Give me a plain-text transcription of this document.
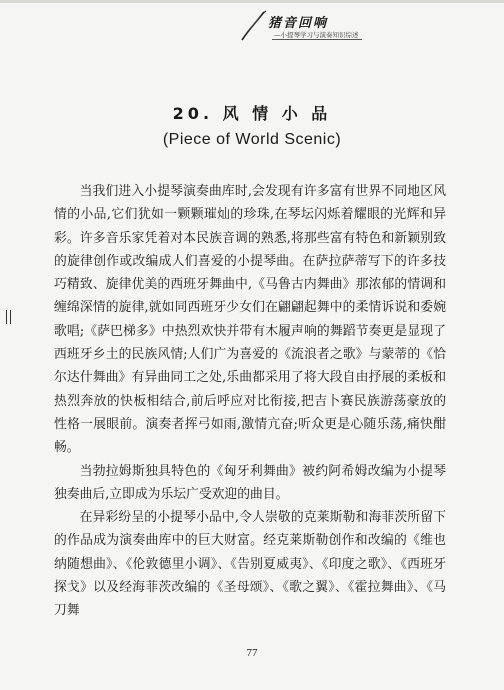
猪音回响
—小提琴学习与演奏知识综述
20. 风 情 小 品
(Piece of World Scenic)

当我们进入小提琴演奏曲库时,会发现有许多富有世界不同地区风情的小品,它们犹如一颗颗璀灿的珍珠,在琴坛闪烁着耀眼的光辉和异彩。许多音乐家凭着对本民族音调的熟悉,将那些富有特色和新颖别致的旋律创作或改编成人们喜爱的小提琴曲。在萨拉萨蒂写下的许多技巧精致、旋律优美的西班牙舞曲中,《马鲁古内舞曲》那浓郁的情调和缠绵深情的旋律,就如同西班牙少女们在翩翩起舞中的柔情诉说和委婉歌唱;《萨巴梯多》中热烈欢快并带有木履声响的舞蹈节奏更是显现了西班牙乡土的民族风情;人们广为喜爱的《流浪者之歌》与蒙蒂的《恰尔达什舞曲》有异曲同工之处,乐曲都采用了将大段自由抒展的柔板和热烈奔放的快板相结合,前后呼应对比衔接,把吉卜赛民族游荡豪放的性格一展眼前。演奏者挥弓如雨,激情亢奋;听众更是心随乐荡,痛快酣畅。

当勃拉姆斯独具特色的《匈牙利舞曲》被约阿希姆改编为小提琴独奏曲后,立即成为乐坛广受欢迎的曲目。

在异彩纷呈的小提琴小品中,令人崇敬的克莱斯勒和海菲茨所留下的作品成为演奏曲库中的巨大财富。经克莱斯勒创作和改编的《维也纳随想曲》、《伦敦德里小调》、《告别夏威夷》、《印度之歌》、《西班牙探戈》以及经海菲茨改编的《圣母颂》、《歌之翼》、《霍拉舞曲》、《马刀舞

77
